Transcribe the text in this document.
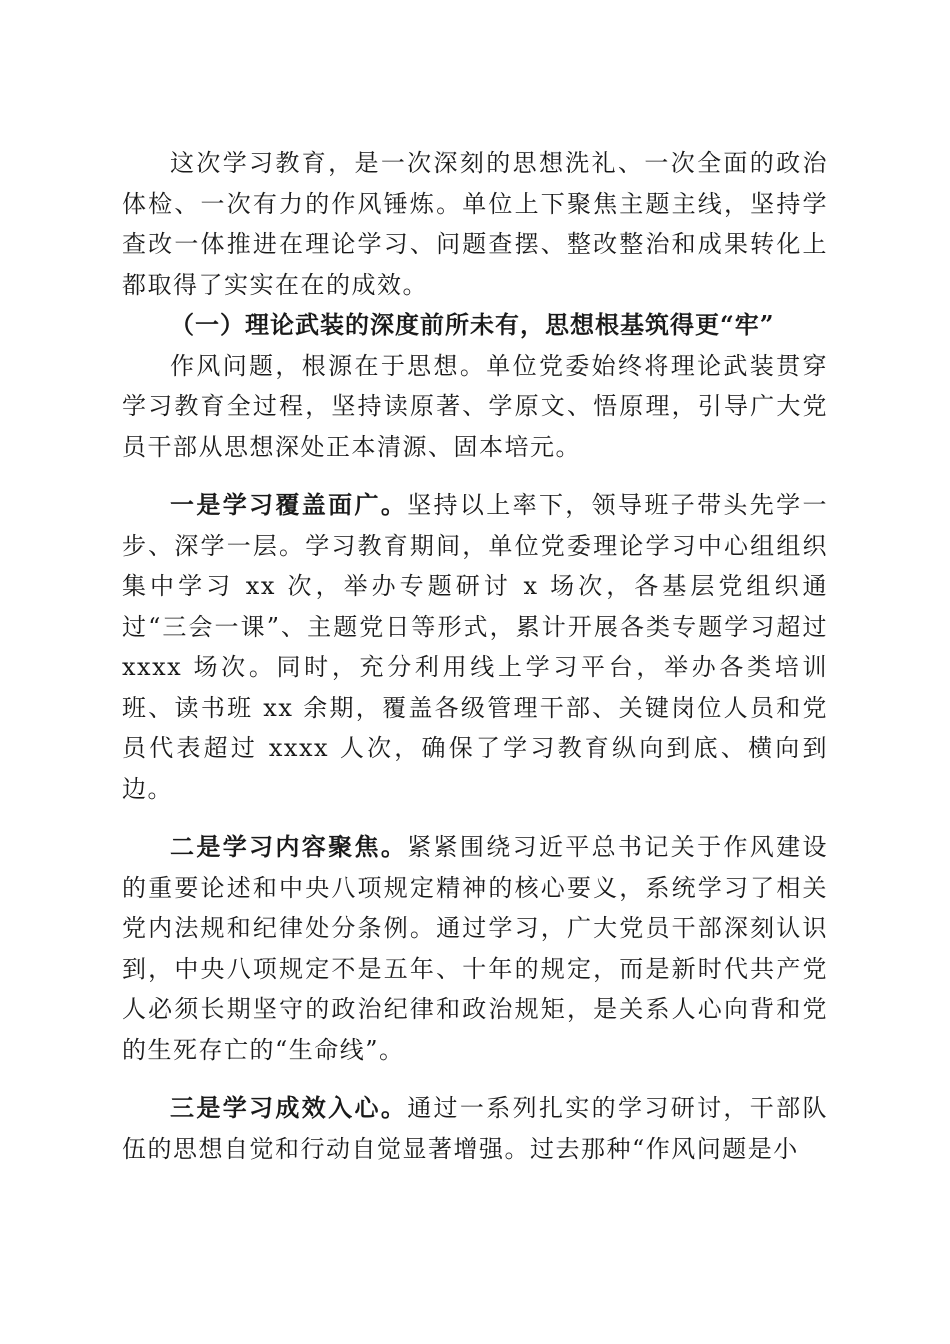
这次学习教育，是一次深刻的思想洗礼、一次全面的政治体检、一次有力的作风锤炼。单位上下聚焦主题主线，坚持学查改一体推进在理论学习、问题查摆、整改整治和成果转化上都取得了实实在在的成效。

（一）理论武装的深度前所未有，思想根基筑得更“牢”

作风问题，根源在于思想。单位党委始终将理论武装贯穿学习教育全过程，坚持读原著、学原文、悟原理，引导广大党员干部从思想深处正本清源、固本培元。

一是学习覆盖面广。坚持以上率下，领导班子带头先学一步、深学一层。学习教育期间，单位党委理论学习中心组组织集中学习 xx 次，举办专题研讨 x 场次，各基层党组织通过“三会一课”、主题党日等形式，累计开展各类专题学习超过 xxxx 场次。同时，充分利用线上学习平台，举办各类培训班、读书班 xx 余期，覆盖各级管理干部、关键岗位人员和党员代表超过 xxxx 人次，确保了学习教育纵向到底、横向到边。

二是学习内容聚焦。紧紧围绕习近平总书记关于作风建设的重要论述和中央八项规定精神的核心要义，系统学习了相关党内法规和纪律处分条例。通过学习，广大党员干部深刻认识到，中央八项规定不是五年、十年的规定，而是新时代共产党人必须长期坚守的政治纪律和政治规矩，是关系人心向背和党的生死存亡的“生命线”。

三是学习成效入心。通过一系列扎实的学习研讨，干部队伍的思想自觉和行动自觉显著增强。过去那种“作风问题是小
